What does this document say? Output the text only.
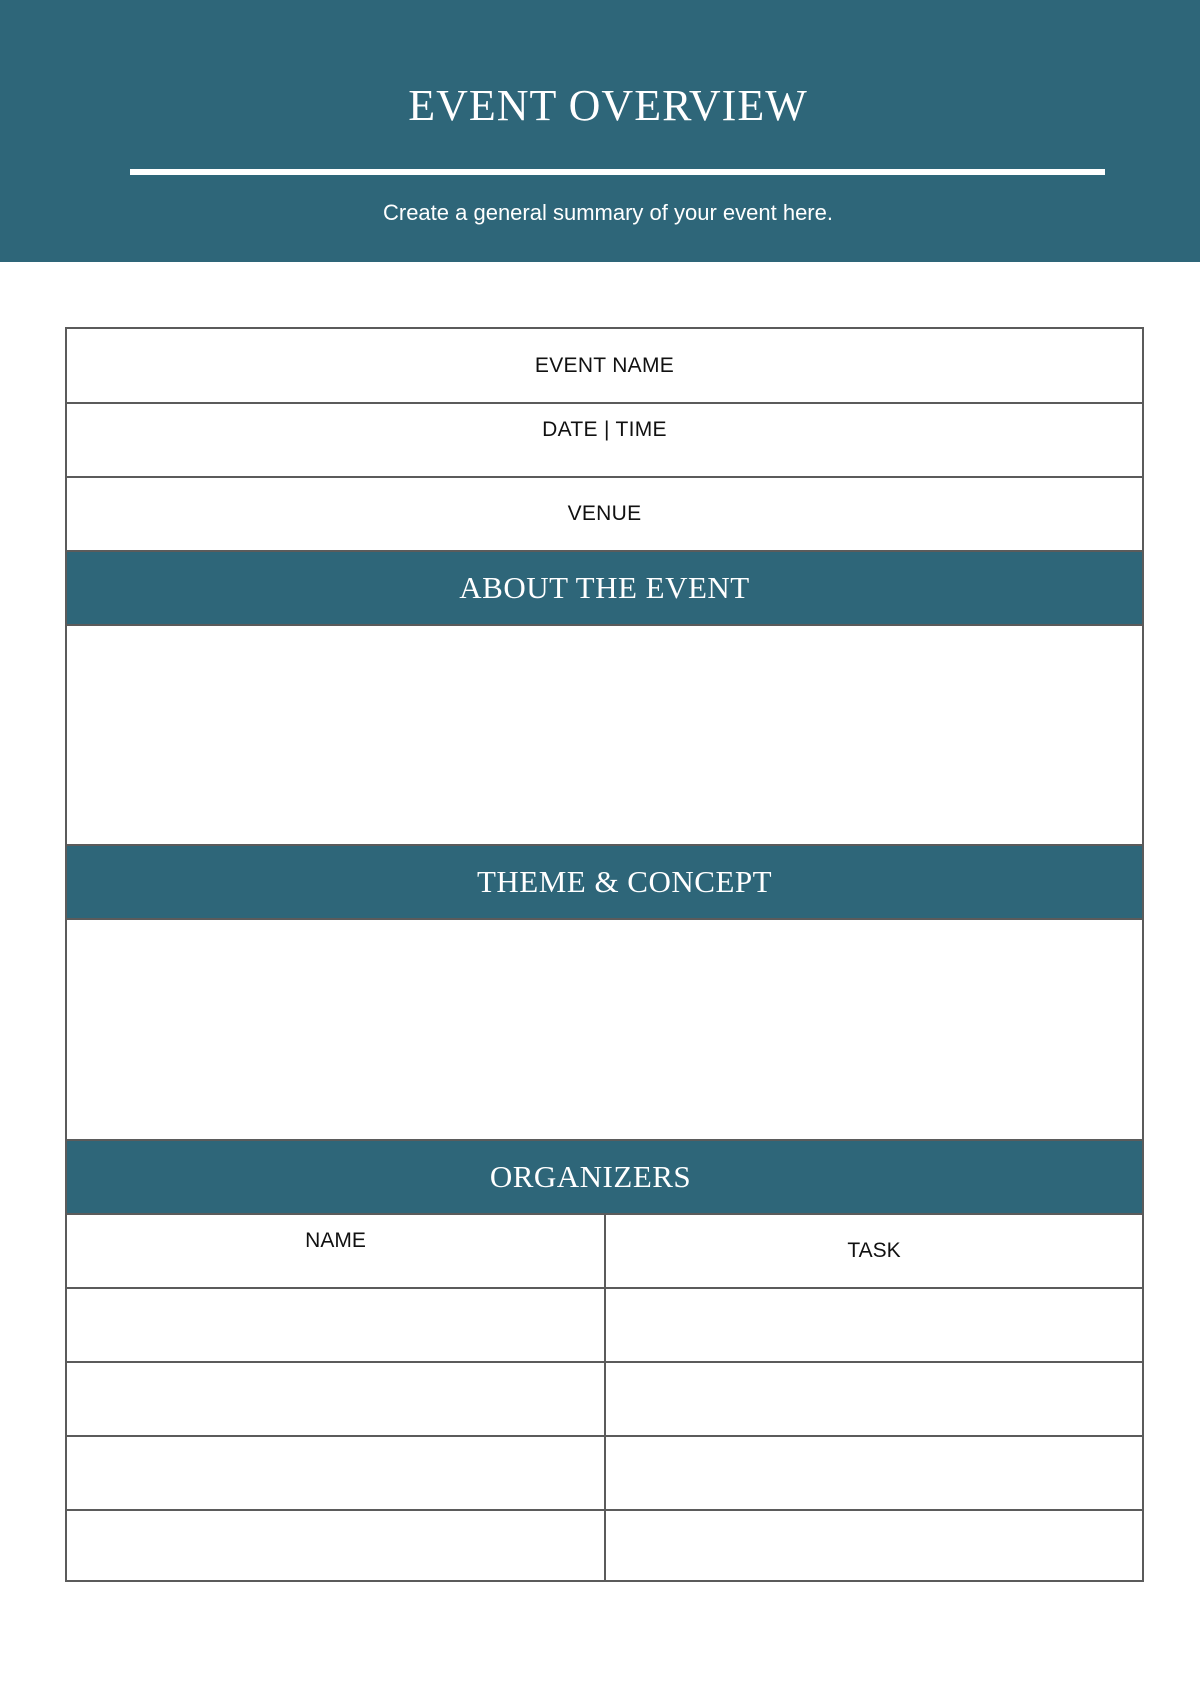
EVENT OVERVIEW
Create a general summary of your event here.
EVENT NAME
DATE | TIME
VENUE
ABOUT THE EVENT
THEME & CONCEPT
ORGANIZERS
NAME	TASK
